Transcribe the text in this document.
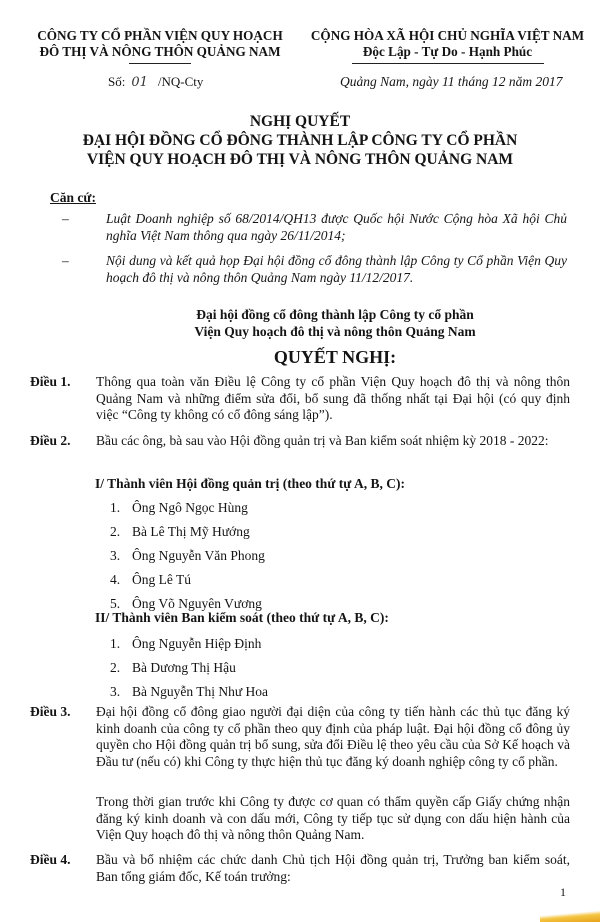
CÔNG TY CỔ PHẦN VIỆN QUY HOẠCH
ĐÔ THỊ VÀ NÔNG THÔN QUẢNG NAM
Số: 01 /NQ-Cty
CỘNG HÒA XÃ HỘI CHỦ NGHĨA VIỆT NAM
Độc Lập - Tự Do - Hạnh Phúc
Quảng Nam, ngày 11 tháng 12 năm 2017
NGHỊ QUYẾT
ĐẠI HỘI ĐỒNG CỔ ĐÔNG THÀNH LẬP CÔNG TY CỔ PHẦN
VIỆN QUY HOẠCH ĐÔ THỊ VÀ NÔNG THÔN QUẢNG NAM
Căn cứ:
–	Luật Doanh nghiệp số 68/2014/QH13 được Quốc hội Nước Cộng hòa Xã hội Chủ nghĩa Việt Nam thông qua ngày 26/11/2014;
–	Nội dung và kết quả họp Đại hội đồng cổ đông thành lập Công ty Cổ phần Viện Quy hoạch đô thị và nông thôn Quảng Nam ngày 11/12/2017.
Đại hội đồng cổ đông thành lập Công ty cổ phần
Viện Quy hoạch đô thị và nông thôn Quảng Nam
QUYẾT NGHỊ:
Điều 1.	Thông qua toàn văn Điều lệ Công ty cổ phần Viện Quy hoạch đô thị và nông thôn Quảng Nam và những điểm sửa đổi, bổ sung đã thống nhất tại Đại hội (có quy định việc “Công ty không có cổ đông sáng lập”).
Điều 2.	Bầu các ông, bà sau vào Hội đồng quản trị và Ban kiểm soát nhiệm kỳ 2018 - 2022:
I/ Thành viên Hội đồng quản trị (theo thứ tự A, B, C):
1. Ông Ngô Ngọc Hùng
2. Bà Lê Thị Mỹ Hướng
3. Ông Nguyễn Văn Phong
4. Ông Lê Tú
5. Ông Võ Nguyên Vương
II/ Thành viên Ban kiểm soát (theo thứ tự A, B, C):
1. Ông Nguyễn Hiệp Định
2. Bà Dương Thị Hậu
3. Bà Nguyễn Thị Như Hoa
Điều 3.	Đại hội đồng cổ đông giao người đại diện của công ty tiến hành các thủ tục đăng ký kinh doanh của công ty cổ phần theo quy định của pháp luật. Đại hội đồng cổ đông ủy quyền cho Hội đồng quản trị bổ sung, sửa đổi Điều lệ theo yêu cầu của Sở Kế hoạch và Đầu tư (nếu có) khi Công ty thực hiện thủ tục đăng ký doanh nghiệp công ty cổ phần.
Trong thời gian trước khi Công ty được cơ quan có thẩm quyền cấp Giấy chứng nhận đăng ký kinh doanh và con dấu mới, Công ty tiếp tục sử dụng con dấu hiện hành của Viện Quy hoạch đô thị và nông thôn Quảng Nam.
Điều 4.	Bầu và bổ nhiệm các chức danh Chủ tịch Hội đồng quản trị, Trưởng ban kiểm soát, Ban tổng giám đốc, Kế toán trưởng:
1
